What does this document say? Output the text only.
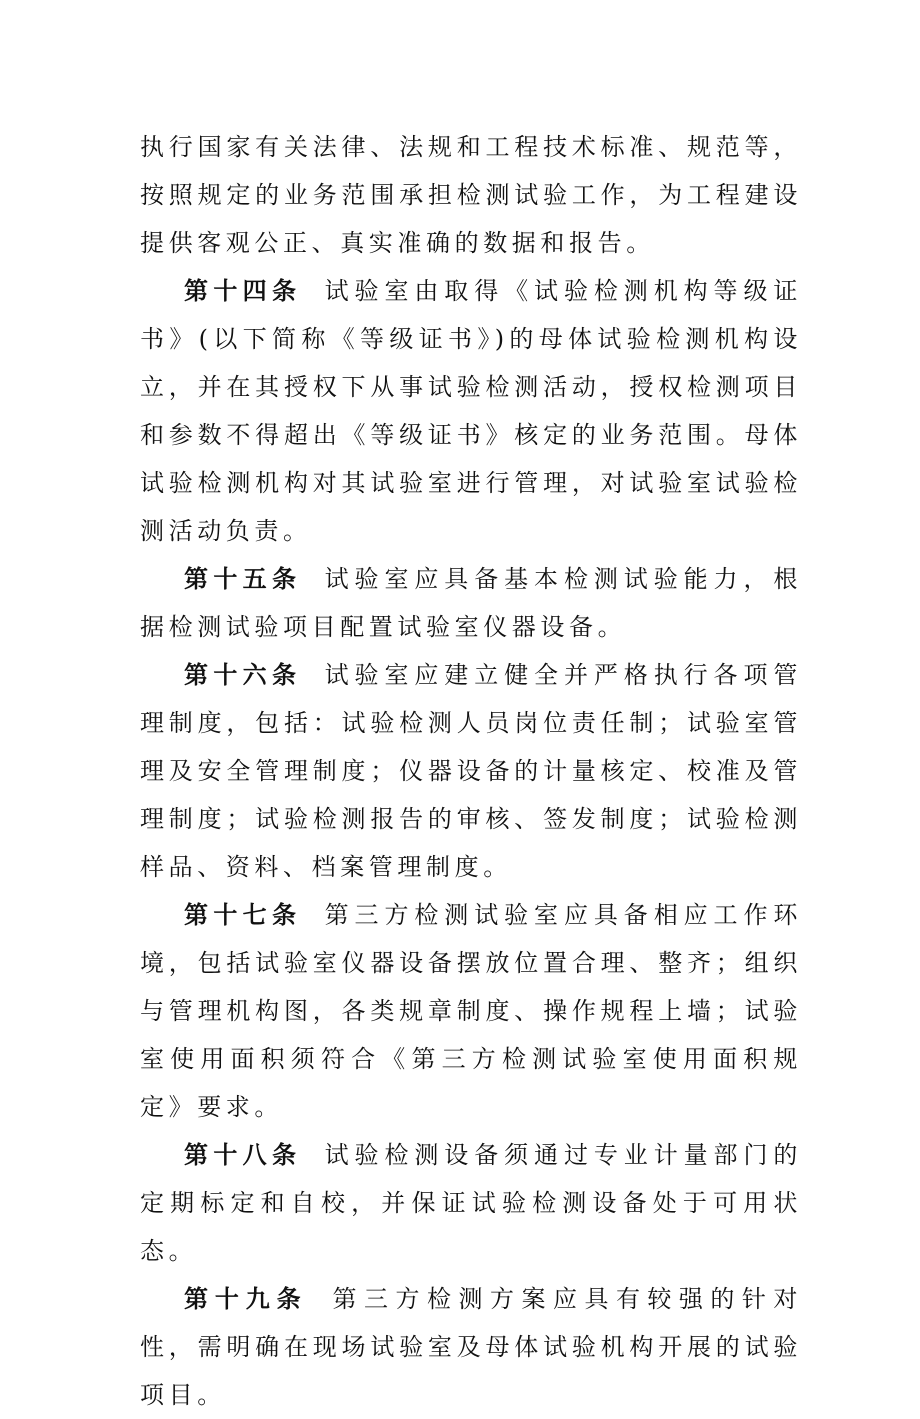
执行国家有关法律、法规和工程技术标准、规范等，按照规定的业务范围承担检测试验工作，为工程建设提供客观公正、真实准确的数据和报告。

第十四条 试验室由取得《试验检测机构等级证书》(以下简称《等级证书》)的母体试验检测机构设立，并在其授权下从事试验检测活动，授权检测项目和参数不得超出《等级证书》核定的业务范围。母体试验检测机构对其试验室进行管理，对试验室试验检测活动负责。

第十五条 试验室应具备基本检测试验能力，根据检测试验项目配置试验室仪器设备。

第十六条 试验室应建立健全并严格执行各项管理制度，包括：试验检测人员岗位责任制；试验室管理及安全管理制度；仪器设备的计量核定、校准及管理制度；试验检测报告的审核、签发制度；试验检测样品、资料、档案管理制度。

第十七条 第三方检测试验室应具备相应工作环境，包括试验室仪器设备摆放位置合理、整齐；组织与管理机构图，各类规章制度、操作规程上墙；试验室使用面积须符合《第三方检测试验室使用面积规定》要求。

第十八条 试验检测设备须通过专业计量部门的定期标定和自校，并保证试验检测设备处于可用状态。

第十九条 第三方检测方案应具有较强的针对性，需明确在现场试验室及母体试验机构开展的试验项目。
